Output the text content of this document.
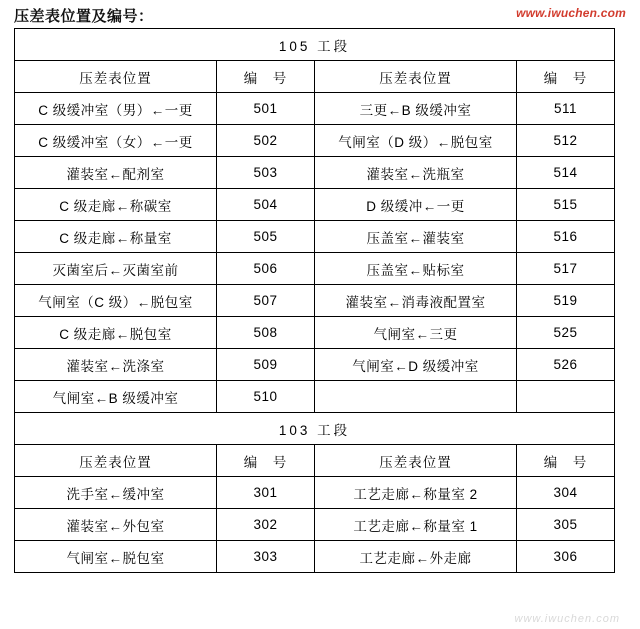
压差表位置及编号：	www.iwuchen.com
105 工段			
压差表位置	编　号	压差表位置	编　号
C 级缓冲室（男）←一更	501	三更←B 级缓冲室	511
C 级缓冲室（女）←一更	502	气闸室（D 级）←脱包室	512
灌装室←配剂室	503	灌装室←洗瓶室	514
C 级走廊←称碳室	504	D 级缓冲←一更	515
C 级走廊←称量室	505	压盖室←灌装室	516
灭菌室后←灭菌室前	506	压盖室←贴标室	517
气闸室（C 级）←脱包室	507	灌装室←消毒液配置室	519
C 级走廊←脱包室	508	气闸室←三更	525
灌装室←洗涤室	509	气闸室←D 级缓冲室	526
气闸室←B 级缓冲室	510		
103 工段			
压差表位置	编　号	压差表位置	编　号
洗手室←缓冲室	301	工艺走廊←称量室 2	304
灌装室←外包室	302	工艺走廊←称量室 1	305
气闸室←脱包室	303	工艺走廊←外走廊	306
www.iwuchen.com
